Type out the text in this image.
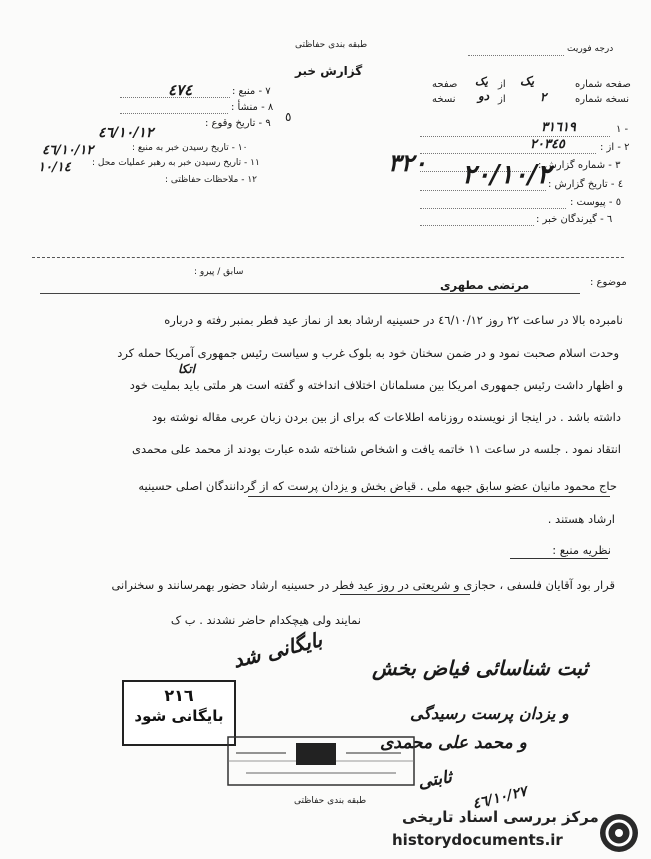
طبقه بندی حفاظتی	درجه فوریت
گزارش خبر
٥
٧ - منبع :
٤٧٤
٨ - منشأ :
٩ - تاریخ وقوع :
٤٦/١٠/١٢
١٠ - تاریخ رسیدن خبر به منبع :
٤٦/١٠/١٢
١١ - تاریخ رسیدن خبر به رهبر عملیات محل :
١٢ - ملاحظات حفاظتی :
١٠/١٤
صفحه شماره
یک
از
یک
صفحه
نسخه شماره
٢
از
دو
نسخه
١ -
٣١٦١٩
٢ - از :
٢٠٣٤٥
٣ - شماره گزارش :
٣٢٠
٤ - تاریخ گزارش :
٢٠/١٠/٢
٥ - پیوست :
٦ - گیرندگان خبر :
سابق / پیرو :
موضوع :
مرتضی مطهری
نامبرده بالا در ساعت ٢٢ روز ٤٦/١٠/١٢ در حسینیه ارشاد بعد از نماز عید فطر بمنبر رفته و درباره
وحدت اسلام صحبت نمود و در ضمن سخنان خود به بلوک غرب و سیاست رئیس جمهوری آمریکا حمله کرد
اتکا
و اظهار داشت رئیس جمهوری امریکا بین مسلمانان اختلاف انداخته و گفته است هر ملتی باید بملیت خود
داشته باشد . در اینجا از نویسنده روزنامه اطلاعات که برای از بین بردن زبان عربی مقاله نوشته بود
انتقاد نمود . جلسه در ساعت ١١ خاتمه یافت و اشخاص شناخته شده عبارت بودند از محمد علی محمدی
حاج محمود مانیان عضو سابق جبهه ملی . قیاض بخش و یزدان پرست که از گردانندگان اصلی حسینیه
ارشاد هستند .
نظریه منبع :
قرار بود آقایان فلسفی ، حجازی و شریعتی در روز عید فطر در حسینیه ارشاد حضور بهمرسانند و سخنرانی
نمایند ولی هیچکدام حاضر نشدند . ب ک
بایگانی شد ثبت شناسائی فیاض بخش
و یزدان پرست رسیدگی
و محمد علی محمدی
ثابتی
٤٦/١٠/٢٧
٢١٦
بایگانی شود
طبقه بندی حفاظتی
مرکز بررسی اسناد تاریخی
historydocuments.ir
